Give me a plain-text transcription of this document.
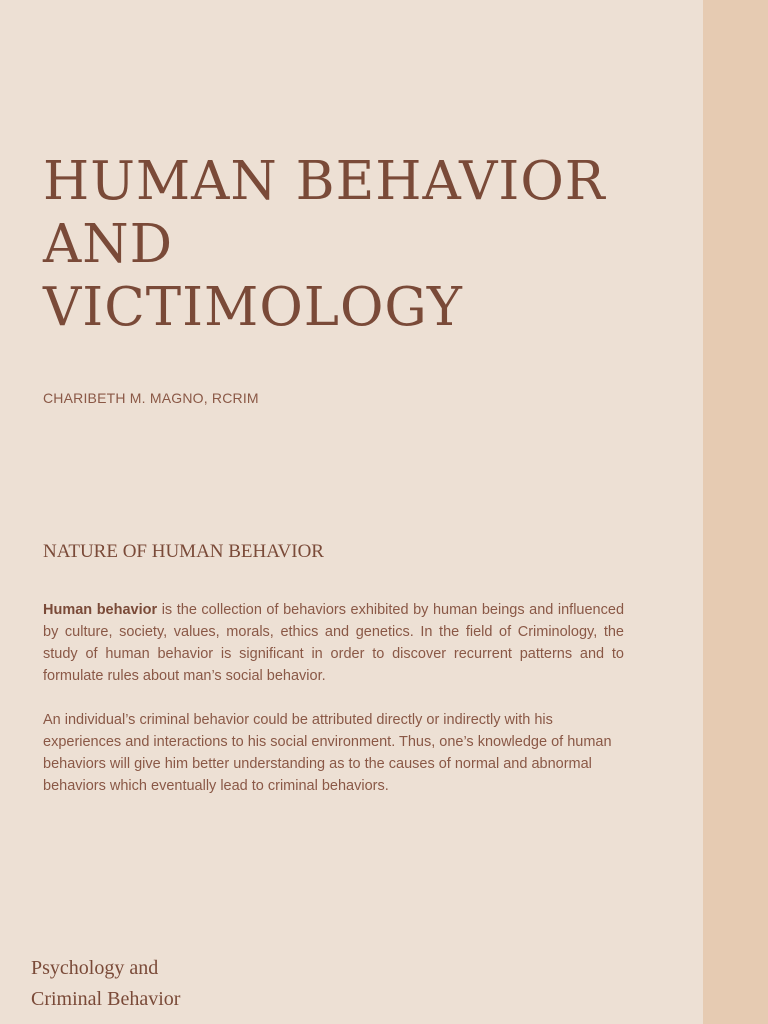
HUMAN BEHAVIOR
AND
VICTIMOLOGY

CHARIBETH M. MAGNO, RCRIM

NATURE OF HUMAN BEHAVIOR

Human behavior is the collection of behaviors exhibited by human beings and influenced by culture, society, values, morals, ethics and genetics. In the field of Criminology, the study of human behavior is significant in order to discover recurrent patterns and to formulate rules about man’s social behavior.

An individual’s criminal behavior could be attributed directly or indirectly with his experiences and interactions to his social environment. Thus, one’s knowledge of human behaviors will give him better understanding as to the causes of normal and abnormal behaviors which eventually lead to criminal behaviors.

Psychology and
Criminal Behavior
